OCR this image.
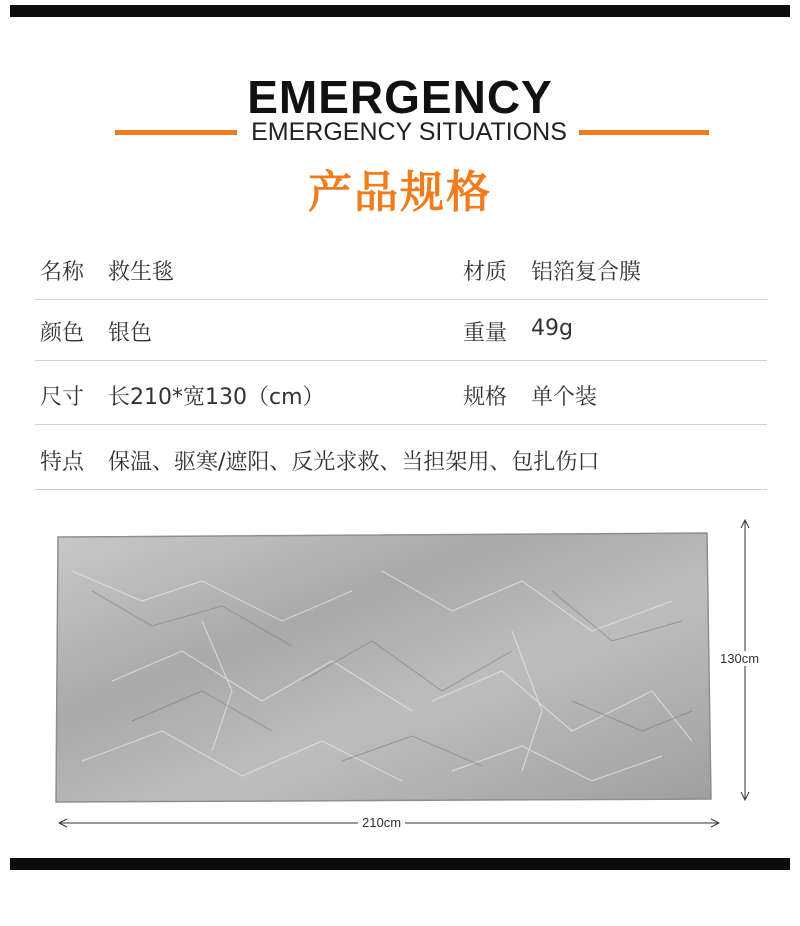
EMERGENCY
EMERGENCY SITUATIONS
产品规格
名称 救生毯	材质 铝箔复合膜
颜色 银色	重量 49g
尺寸 长210*宽130（cm）	规格 单个装
特点 保温、驱寒/遮阳、反光求救、当担架用、包扎伤口
130cm
210cm
